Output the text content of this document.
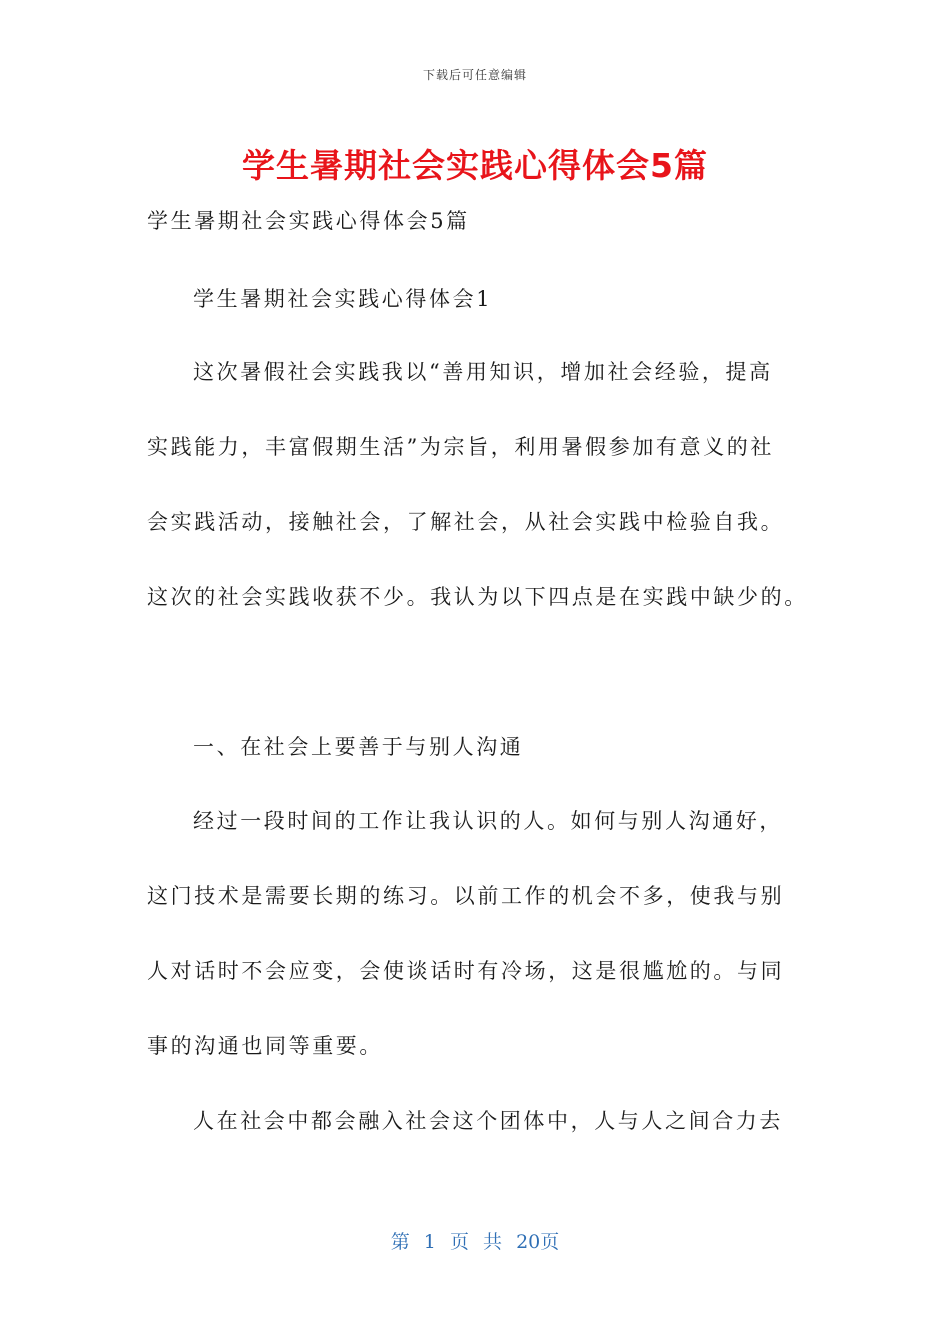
下载后可任意编辑
学生暑期社会实践心得体会5篇
学生暑期社会实践心得体会5篇
学生暑期社会实践心得体会1
这次暑假社会实践我以“善用知识，增加社会经验，提高
实践能力，丰富假期生活”为宗旨，利用暑假参加有意义的社
会实践活动，接触社会，了解社会，从社会实践中检验自我。
这次的社会实践收获不少。我认为以下四点是在实践中缺少的。
一、在社会上要善于与别人沟通
经过一段时间的工作让我认识的人。如何与别人沟通好，
这门技术是需要长期的练习。以前工作的机会不多，使我与别
人对话时不会应变，会使谈话时有冷场，这是很尴尬的。与同
事的沟通也同等重要。
人在社会中都会融入社会这个团体中，人与人之间合力去
第 1 页 共 20页
